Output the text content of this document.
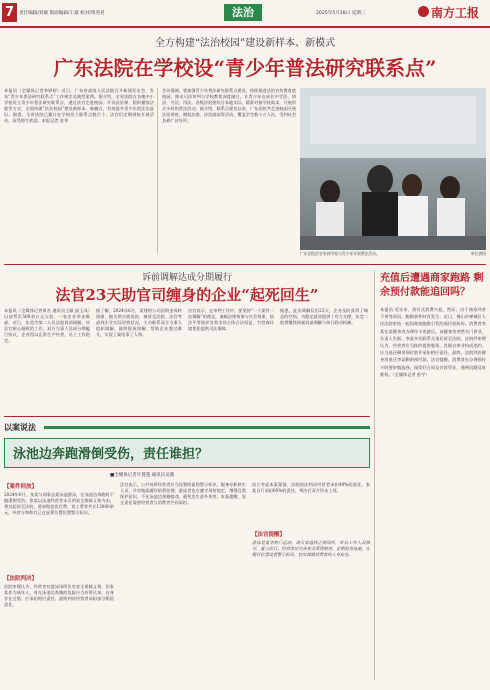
7	责任编辑/刘敏 版面编辑/王斌 校对/黄英君	法治	2025年5月28日 星期三	南方工报
全方构建“法治校园”建设新样本、新模式
广东法院在学校设“青少年普法研究联系点”
本报讯（全媒体记者李婷婷）近日，广东省高级人民法院召开新闻发布会，发布“青少年普法研究联系点”工作规定及典型案例。据介绍，全省法院在各地中小学校设立青少年普法研究联系点，通过法官走进校园、开设法治课、组织模拟法庭等方式，全面构建“法治校园”建设新样本、新模式，有效提升青少年的法治意识。据悉，全省法院已累计在学校设立联系点数百个，法官们定期到校开展活动，深受师生欢迎。本报记者 张华
会议强调，要加强青少年普法研究联系点建设，持续推进法治宣传教育进校园，推动司法审判与学校教育深度融合，让青少年在成长中学法、知法、守法、用法。各级法院要结合本地实际，精准对接学校需求，开展形式多样的普法活动。据介绍，联系点建设以来，广东法院共走进校园开展法治讲座、模拟法庭、法治游园等活动，覆盖学生数十万人次，受到社会各界广泛好评。
广东法院法官来到学校与青少年开展普法活动。	单位供图
诉前调解达成分期履行
法官23天助官司缠身的企业“起死回生”
本报讯（全媒体记者黄君 通讯员王颖 邱玉凤）以前背负500余万元欠款，一家企业举步维艰。近日，东莞市第二人民法院诉前调解，经法官耐心细致的工作，双方当事人达成分期履行协议，企业得以正常生产经营，员工工作稳定。
据了解，2024年6月，某建材公司因资金周转困难，拖欠供应商货款，被诉至法院。法官考虑到企业实际经营状况，主动联系双方当事人组织调解，最终促成和解，帮助企业渡过难关，实现了案结事了人和。
法官表示，在审判工作中，要坚持“一个案件一次调解”的理念，兼顾法律效果与社会效果，依法平等保护各类市场主体合法权益，为营商环境优化提供司法保障。
据悉，此次调解仅用23天，企业及时获得了喘息的空间，为稳定就业提供了有力支撑，东莞二院将继续探索诉前调解与执行联动机制。
充值后遭遇商家跑路 剩余预付款能追回吗？
本报讯 近年来，预付式消费兴起，然而，由于商家经营不善等原因，跑路事件时有发生。近日，佛山市禅城区人民法院审结一起因商家跑路引发的预付款纠纷。消费者李某在某健身房办理年卡充值后，该健身房突然关门停业，负责人失联。李某多次联系无果后诉至法院。法院经审理认为，经营者应当按约提供服务，其擅自停业构成违约，应当退还剩余预付款并承担相应责任。最终，法院判决健身房退还李某剩余预付款。法官提醒，消费者在办理预付卡时要审慎选择，保留好合同及付款凭证，遇到问题及时维权。（全媒体记者 彭宇）
以案说法
泳池边奔跑滑倒受伤，责任谁担？
■全媒体记者许蔓蔓 通讯员吴薇
【案件回放】
2024年6月，张某与同事去某泳池游泳，在泳池边奔跑时不慎滑倒受伤。张某以泳池经营者未尽到安全保障义务为由，将其起诉至法院，要求赔偿医疗费、误工费等共计13000余元。经营方辩称其已在显著位置设置警示标识。
【法院判决】
法院审理认为，经营者对游泳场所负有安全保障义务，但张某作为成年人，对在泳池边奔跑的危险应当有所认知，自身存在过错，应承担相应责任。最终判决经营者承担部分赔偿责任。
法官表示，公共场所经营者应当设置明显的警示标识，配备专职救生人员，并对地面做好防滑处理；游泳者也应遵守场馆规定，增强自我保护意识，不在泳池边奔跑嬉戏，避免发生意外伤害。本案提醒，安全责任需要经营者与消费者共同承担。
综合考虑本案案情，法院依法判决经营者承担40%的责任，张某自行承担60%的责任。判决后双方均未上诉。
【法官提醒】
游泳是夏季热门运动，请大家选择正规场所，听从工作人员指引，量力而行。经营者应完善安全管理制度，定期检查设施，在醒目位置设置警示标识，切实保障消费者的人身安全。
